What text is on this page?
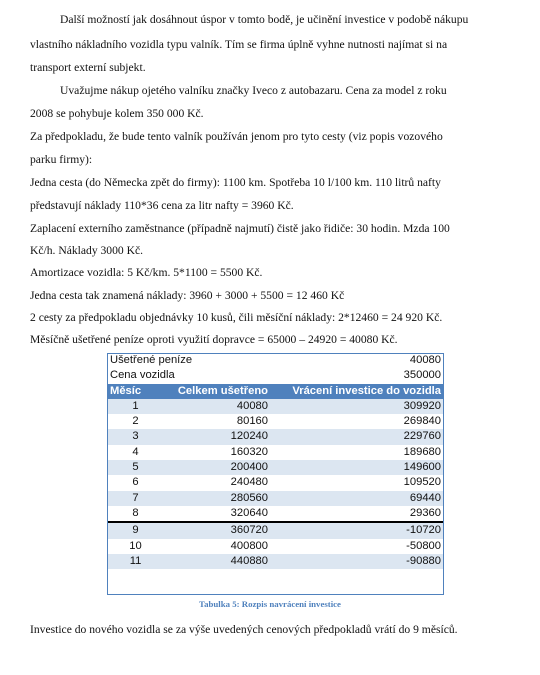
Další možností jak dosáhnout úspor v tomto bodě, je učinění investice v podobě nákupu
vlastního nákladního vozidla typu valník. Tím se firma úplně vyhne nutnosti najímat si na
transport externí subjekt.
Uvažujme nákup ojetého valníku značky Iveco z autobazaru. Cena za model z roku
2008 se pohybuje kolem 350 000 Kč.
Za předpokladu, že bude tento valník používán jenom pro tyto cesty (viz popis vozového
parku firmy):
Jedna cesta (do Německa zpět do firmy): 1100 km. Spotřeba 10 l/100 km. 110 litrů nafty
představují náklady 110*36 cena za litr nafty = 3960 Kč.
Zaplacení externího zaměstnance (případně najmutí) čistě jako řidiče: 30 hodin. Mzda 100
Kč/h. Náklady 3000 Kč.
Amortizace vozidla: 5 Kč/km. 5*1100 = 5500 Kč.
Jedna cesta tak znamená náklady: 3960 + 3000 + 5500 = 12 460 Kč
2 cesty za předpokladu objednávky 10 kusů, čili měsíční náklady: 2*12460 = 24 920 Kč.
Měsíčně ušetřené peníze oproti využití dopravce = 65000 – 24920 = 40080 Kč.
Ušetřené peníze		40080
Cena vozidla		350000
Měsíc	Celkem ušetřeno	Vrácení investice do vozidla
1	40080	309920
2	80160	269840
3	120240	229760
4	160320	189680
5	200400	149600
6	240480	109520
7	280560	69440
8	320640	29360
9	360720	-10720
10	400800	-50800
11	440880	-90880
Tabulka 5: Rozpis navrácení investice
Investice do nového vozidla se za výše uvedených cenových předpokladů vrátí do 9 měsíců.
